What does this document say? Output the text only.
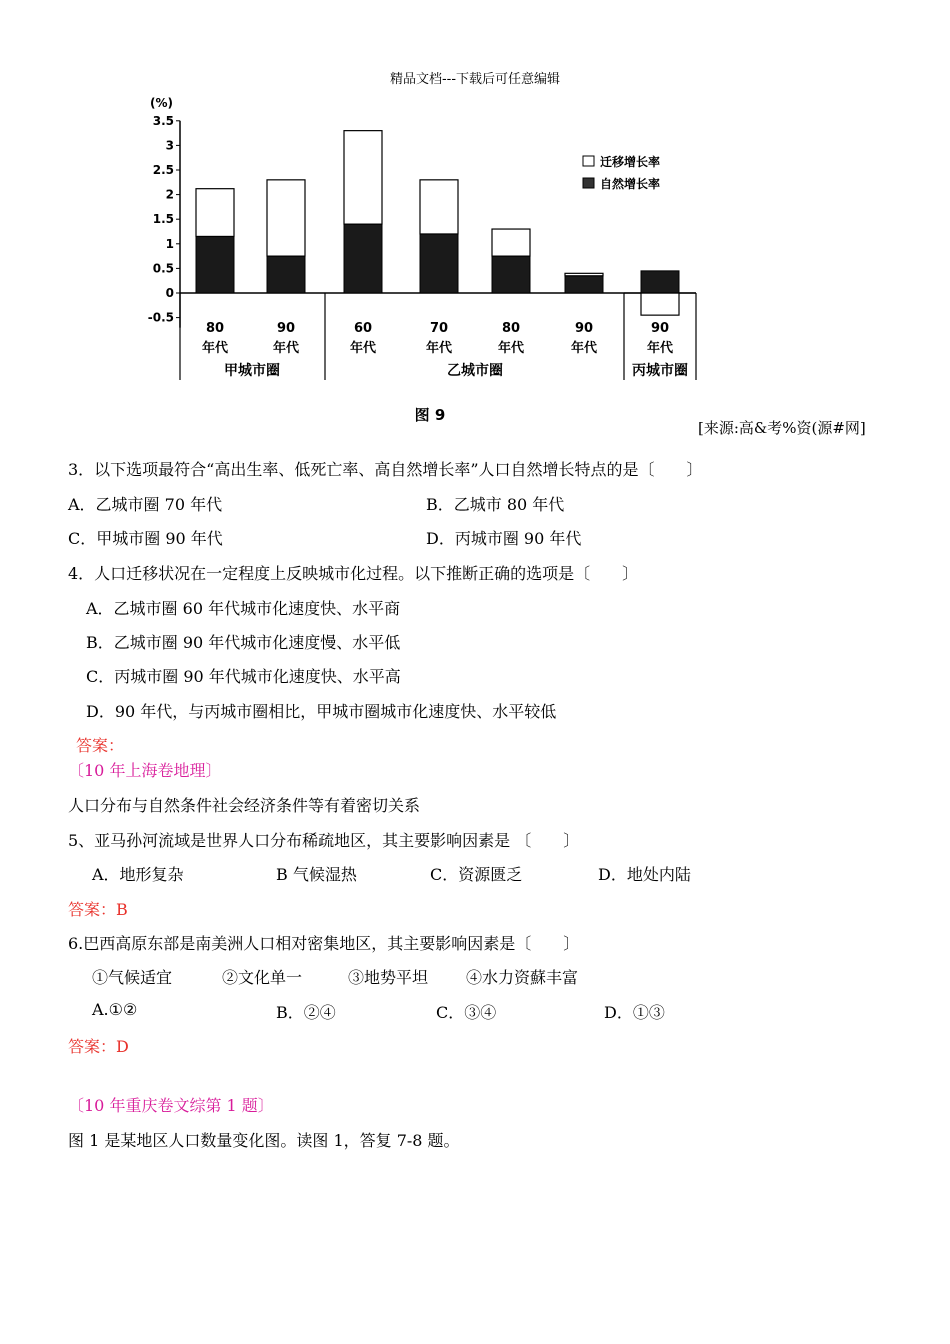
精品文档---下载后可任意编辑
(%)
3.5
3
2.5
2
1.5
1
0.5
0
-0.5
80
年代
90
年代
60
年代
70
年代
80
年代
90
年代
90
年代
甲城市圈	乙城市圈	丙城市圈
迁移增长率
自然增长率
图 9
[来源:高&考%资(源#网]
3．以下选项最符合“高出生率、低死亡率、高自然增长率”人口自然增长特点的是〔　　〕
A．乙城市圈 70 年代	B．乙城市 80 年代
C．甲城市圈 90 年代	D．丙城市圈 90 年代
4．人口迁移状况在一定程度上反映城市化过程。以下推断正确的选项是〔　　〕
A．乙城市圈 60 年代城市化速度快、水平商
B．乙城市圈 90 年代城市化速度慢、水平低
C．丙城市圈 90 年代城市化速度快、水平高
D．90 年代，与丙城市圈相比，甲城市圈城市化速度快、水平较低
答案：
〔10 年上海卷地理〕
人口分布与自然条件社会经济条件等有着密切关系
5、亚马孙河流域是世界人口分布稀疏地区，其主要影响因素是 〔　　〕
A．地形复杂	B 气候湿热	C．资源匮乏	D．地处内陆
答案：B
6.巴西高原东部是南美洲人口相对密集地区，其主要影响因素是〔　　〕
①气候适宜	②文化单一	③地势平坦 ④水力资蘇丰富
A.①②	B．②④	C．③④	D．①③
答案：D
〔10 年重庆卷文综第 1 题〕
图 1 是某地区人口数量变化图。读图 1，答复 7-8 题。
